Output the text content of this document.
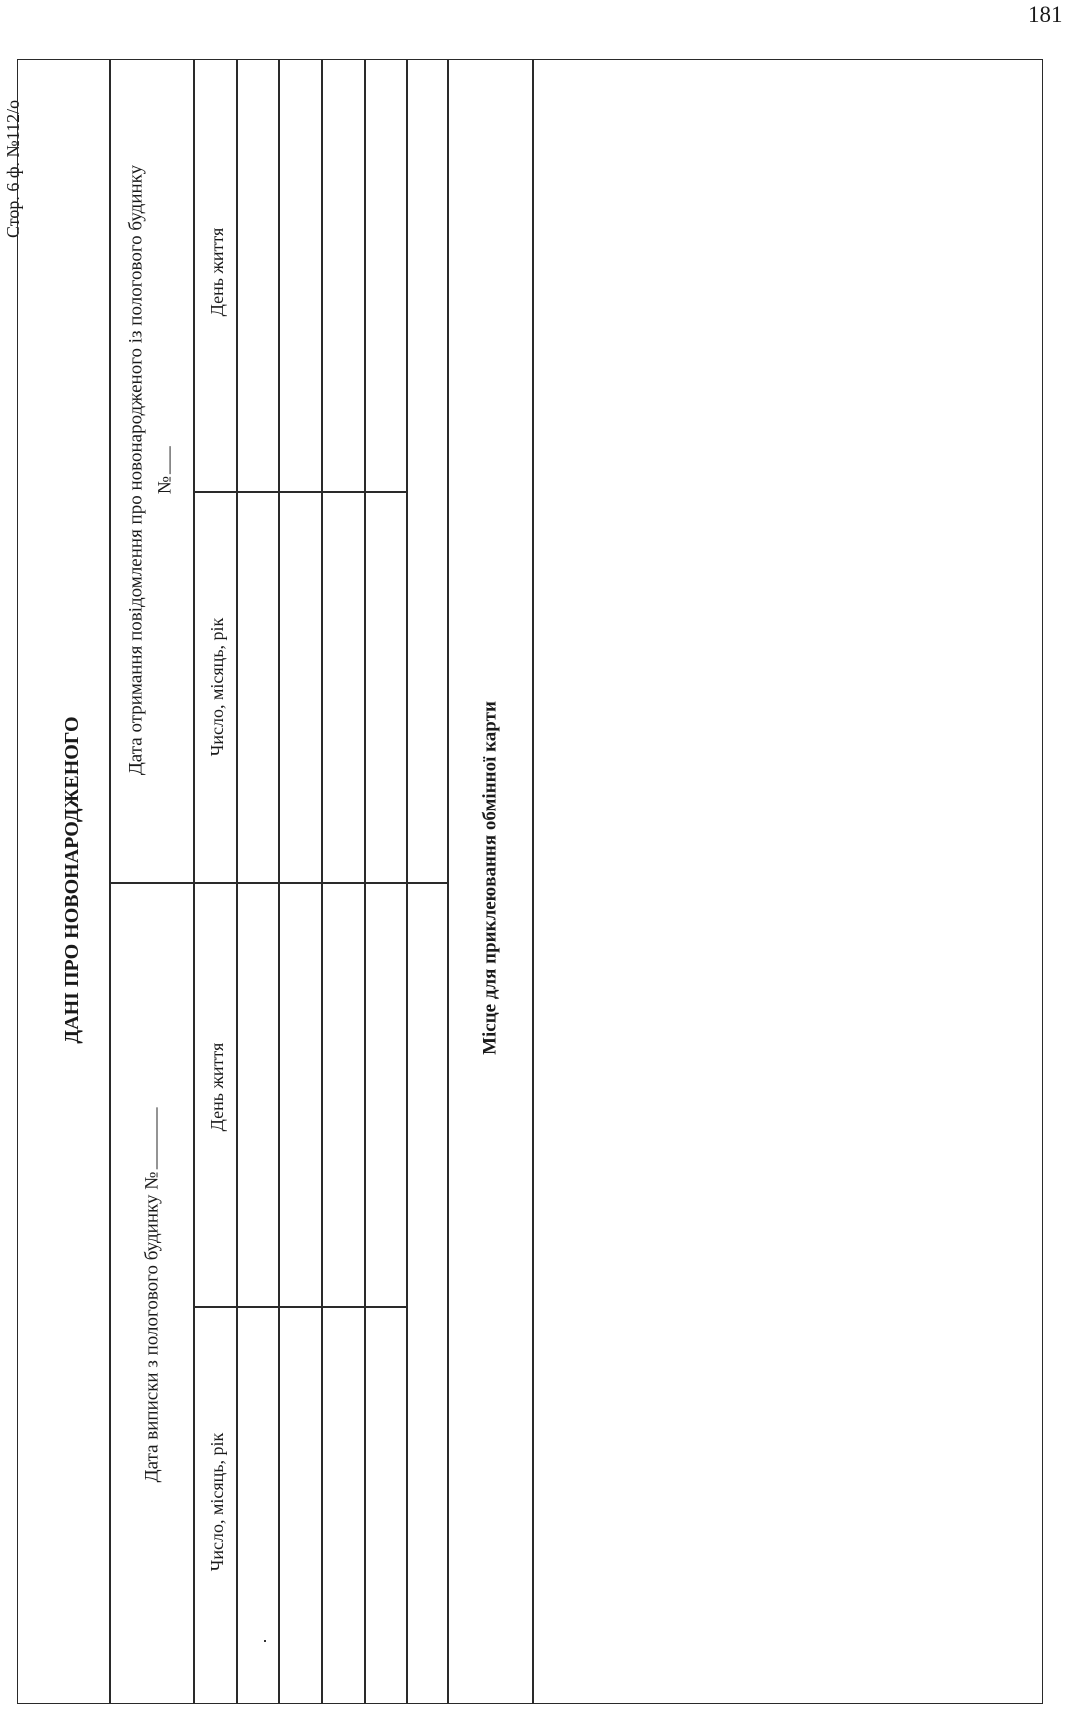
181
Стор. 6 ф. №112/о
ДАНІ ПРО НОВОНАРОДЖЕНОГО
Дата отримання повідомлення про новонародженого із пологового будинку №
Дата виписки з пологового будинку №
День життя
Число, місяць, рік
День життя
Число, місяць, рік
Місце для приклеювання обмінної карти
